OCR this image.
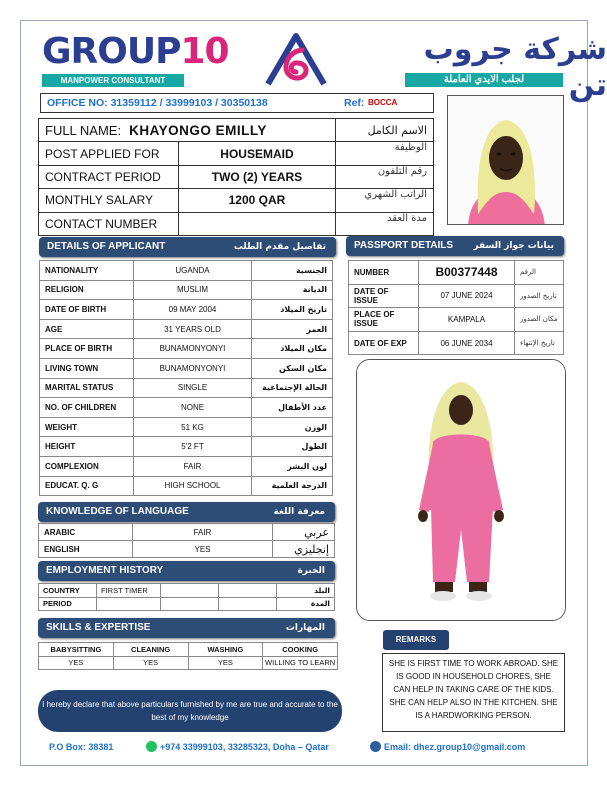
GROUP10
MANPOWER CONSULTANT
شركة جروب تن
لجلب الايدي العاملة
OFFICE NO: 31359112 / 33999103 / 30350138	Ref: BOCCA
FULL NAME: KHAYONGO EMILLY		الاسم الكامل
POST APPLIED FOR	HOUSEMAID	الوظيفة
CONTRACT PERIOD	TWO (2) YEARS	رقم التلفون
MONTHLY SALARY	1200 QAR	الراتب الشهري
CONTACT NUMBER		مدة العقد
DETAILS OF APPLICANT	تفاصيل مقدم الطلب
NATIONALITY	UGANDA	الجنسية
RELIGION	MUSLIM	الديانة
DATE OF BIRTH	09 MAY 2004	تاريخ الميلاد
AGE	31 YEARS OLD	العمر
PLACE OF BIRTH	BUNAMONYONYI	مكان الميلاد
LIVING TOWN	BUNAMONYONYI	مكان السكن
MARITAL STATUS	SINGLE	الحالة الإجتماعية
NO. OF CHILDREN	NONE	عدد الأطفال
WEIGHT	51 KG	الوزن
HEIGHT	5'2 FT	الطول
COMPLEXION	FAIR	لون البشر
EDUCAT. Q. G	HIGH SCHOOL	الدرجة العلمية
PASSPORT DETAILS بيانات جواز السفر
NUMBER	B00377448	الرقم
DATE OF ISSUE	07 JUNE 2024	تاريخ الصدور
PLACE OF ISSUE	KAMPALA	مكان الصدور
DATE OF EXP	06 JUNE 2034	تاريخ الإنتهاء
KNOWLEDGE OF LANGUAGE	معرفة اللغة
ARABIC	FAIR	عربي
ENGLISH	YES	إنجليزي
EMPLOYMENT HISTORY	الخبرة
COUNTRY	FIRST TIMER			البلد
PERIOD				المدة
SKILLS & EXPERTISE	المهارات
BABYSITTING	CLEANING	WASHING	COOKING
YES	YES	YES	WILLING TO LEARN
REMARKS
SHE IS FIRST TIME TO WORK ABROAD. SHE IS GOOD IN HOUSEHOLD CHORES, SHE CAN HELP IN TAKING CARE OF THE KIDS. SHE CAN HELP ALSO IN THE KITCHEN. SHE IS A HARDWORKING PERSON.
I hereby declare that above particulars furnished by me are true and accurate to the best of my knowledge
P.O Box: 38381	+974 33999103, 33285323, Doha – Qatar	Email: dhez.group10@gmail.com
